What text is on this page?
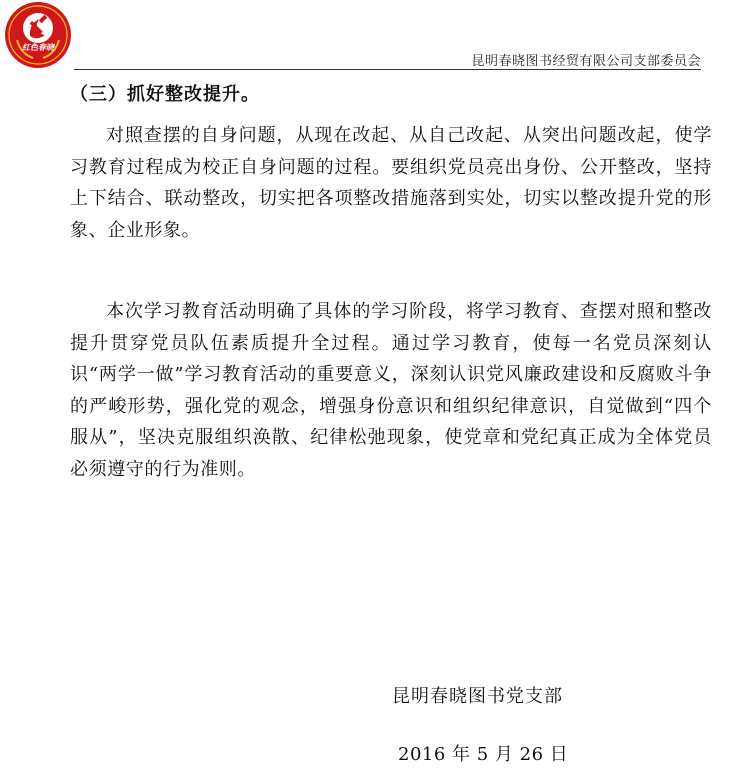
红色春晓
昆明春晓图书经贸有限公司支部委员会
（三）抓好整改提升。

对照查摆的自身问题，从现在改起、从自己改起、从突出问题改起，使学习教育过程成为校正自身问题的过程。要组织党员亮出身份、公开整改，坚持上下结合、联动整改，切实把各项整改措施落到实处，切实以整改提升党的形象、企业形象。

本次学习教育活动明确了具体的学习阶段，将学习教育、查摆对照和整改提升贯穿党员队伍素质提升全过程。通过学习教育，使每一名党员深刻认识“两学一做”学习教育活动的重要意义，深刻认识党风廉政建设和反腐败斗争的严峻形势，强化党的观念，增强身份意识和组织纪律意识，自觉做到“四个服从”，坚决克服组织涣散、纪律松弛现象，使党章和党纪真正成为全体党员必须遵守的行为准则。

昆明春晓图书党支部
2016 年 5 月 26 日
